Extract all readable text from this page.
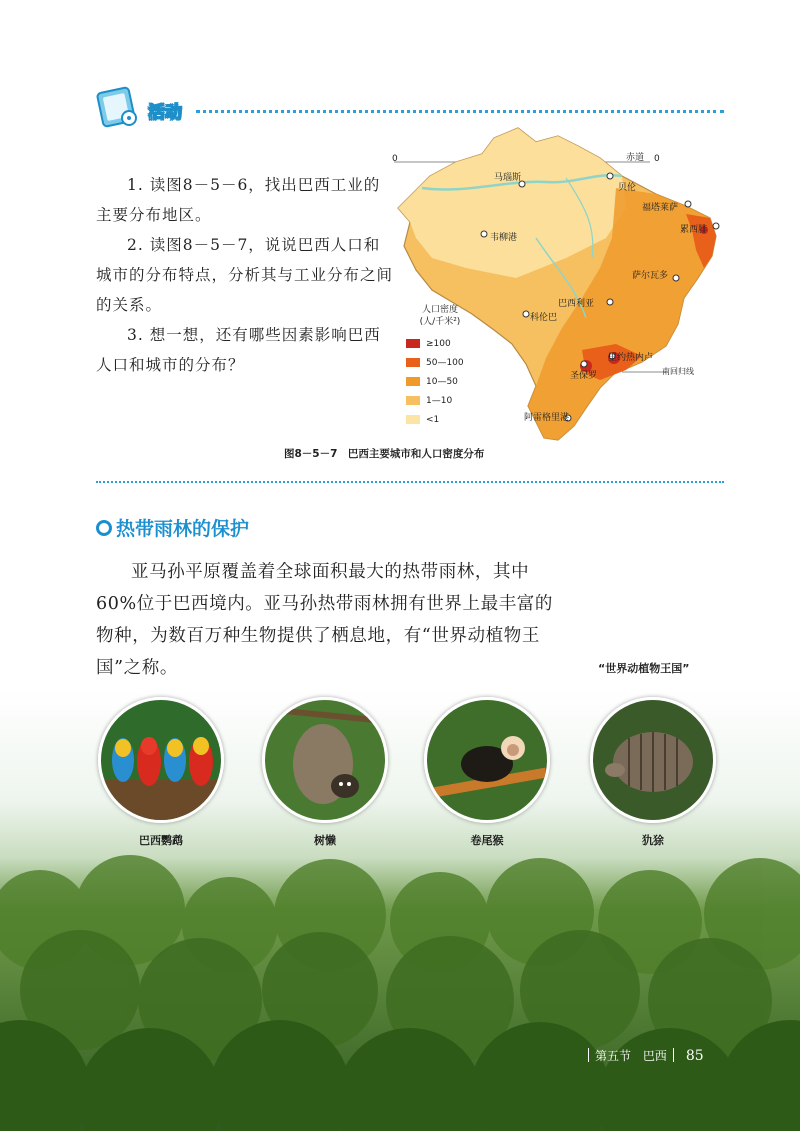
活动

1. 读图8－5－6，找出巴西工业的主要分布地区。

2. 读图8－5－7，说说巴西人口和城市的分布特点，分析其与工业分布之间的关系。

3. 想一想，还有哪些因素影响巴西人口和城市的分布？

0	0
赤道
马瑙斯
贝伦
福塔莱萨
累西腓
韦柳港
萨尔瓦多
巴西利亚
科伦巴
里约热内卢
圣保罗	南回归线
阿雷格里港
人口密度
(人/千米²)
≥100
50—100
10—50
1—10
<1
图8－5－7　巴西主要城市和人口密度分布
热带雨林的保护

亚马孙平原覆盖着全球面积最大的热带雨林，其中60%位于巴西境内。亚马孙热带雨林拥有世界上最丰富的物种，为数百万种生物提供了栖息地，有“世界动植物王国”之称。	“世界动植物王国”
巴西鹦鹉	树懒	卷尾猴	犰狳
第五节 巴西 85
